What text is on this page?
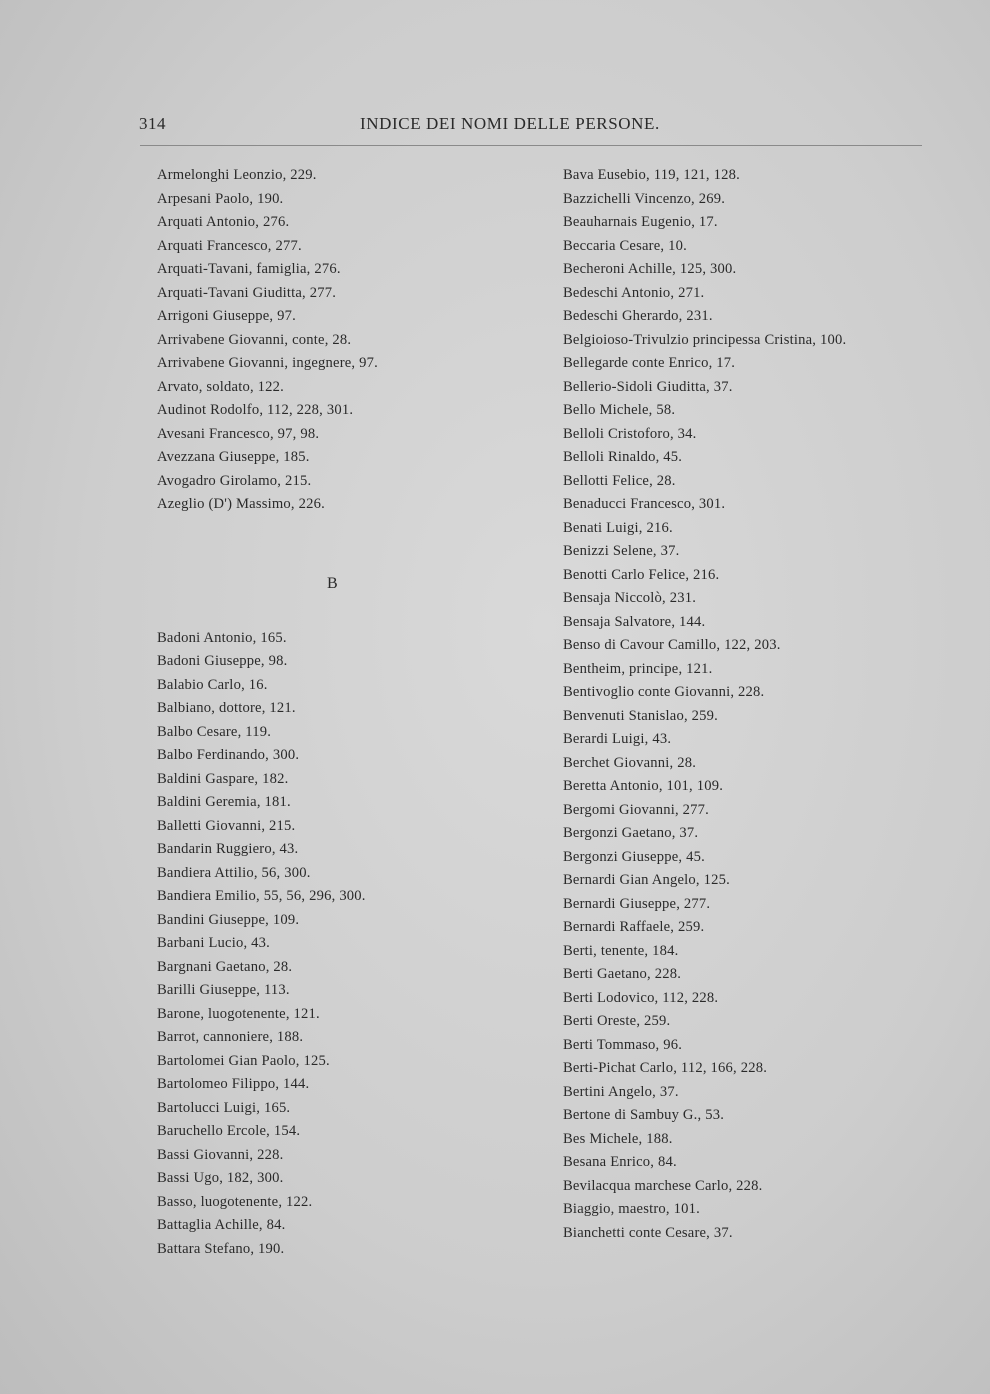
314	INDICE DEI NOMI DELLE PERSONE.
Armelonghi Leonzio, 229.
Arpesani Paolo, 190.
Arquati Antonio, 276.
Arquati Francesco, 277.
Arquati-Tavani, famiglia, 276.
Arquati-Tavani Giuditta, 277.
Arrigoni Giuseppe, 97.
Arrivabene Giovanni, conte, 28.
Arrivabene Giovanni, ingegnere, 97.
Arvato, soldato, 122.
Audinot Rodolfo, 112, 228, 301.
Avesani Francesco, 97, 98.
Avezzana Giuseppe, 185.
Avogadro Girolamo, 215.
Azeglio (D') Massimo, 226.
B
Badoni Antonio, 165.
Badoni Giuseppe, 98.
Balabio Carlo, 16.
Balbiano, dottore, 121.
Balbo Cesare, 119.
Balbo Ferdinando, 300.
Baldini Gaspare, 182.
Baldini Geremia, 181.
Balletti Giovanni, 215.
Bandarin Ruggiero, 43.
Bandiera Attilio, 56, 300.
Bandiera Emilio, 55, 56, 296, 300.
Bandini Giuseppe, 109.
Barbani Lucio, 43.
Bargnani Gaetano, 28.
Barilli Giuseppe, 113.
Barone, luogotenente, 121.
Barrot, cannoniere, 188.
Bartolomei Gian Paolo, 125.
Bartolomeo Filippo, 144.
Bartolucci Luigi, 165.
Baruchello Ercole, 154.
Bassi Giovanni, 228.
Bassi Ugo, 182, 300.
Basso, luogotenente, 122.
Battaglia Achille, 84.
Battara Stefano, 190.
Bava Eusebio, 119, 121, 128.
Bazzichelli Vincenzo, 269.
Beauharnais Eugenio, 17.
Beccaria Cesare, 10.
Becheroni Achille, 125, 300.
Bedeschi Antonio, 271.
Bedeschi Gherardo, 231.
Belgioioso-Trivulzio principessa Cristina, 100.
Bellegarde conte Enrico, 17.
Bellerio-Sidoli Giuditta, 37.
Bello Michele, 58.
Belloli Cristoforo, 34.
Belloli Rinaldo, 45.
Bellotti Felice, 28.
Benaducci Francesco, 301.
Benati Luigi, 216.
Benizzi Selene, 37.
Benotti Carlo Felice, 216.
Bensaja Niccolò, 231.
Bensaja Salvatore, 144.
Benso di Cavour Camillo, 122, 203.
Bentheim, principe, 121.
Bentivoglio conte Giovanni, 228.
Benvenuti Stanislao, 259.
Berardi Luigi, 43.
Berchet Giovanni, 28.
Beretta Antonio, 101, 109.
Bergomi Giovanni, 277.
Bergonzi Gaetano, 37.
Bergonzi Giuseppe, 45.
Bernardi Gian Angelo, 125.
Bernardi Giuseppe, 277.
Bernardi Raffaele, 259.
Berti, tenente, 184.
Berti Gaetano, 228.
Berti Lodovico, 112, 228.
Berti Oreste, 259.
Berti Tommaso, 96.
Berti-Pichat Carlo, 112, 166, 228.
Bertini Angelo, 37.
Bertone di Sambuy G., 53.
Bes Michele, 188.
Besana Enrico, 84.
Bevilacqua marchese Carlo, 228.
Biaggio, maestro, 101.
Bianchetti conte Cesare, 37.
